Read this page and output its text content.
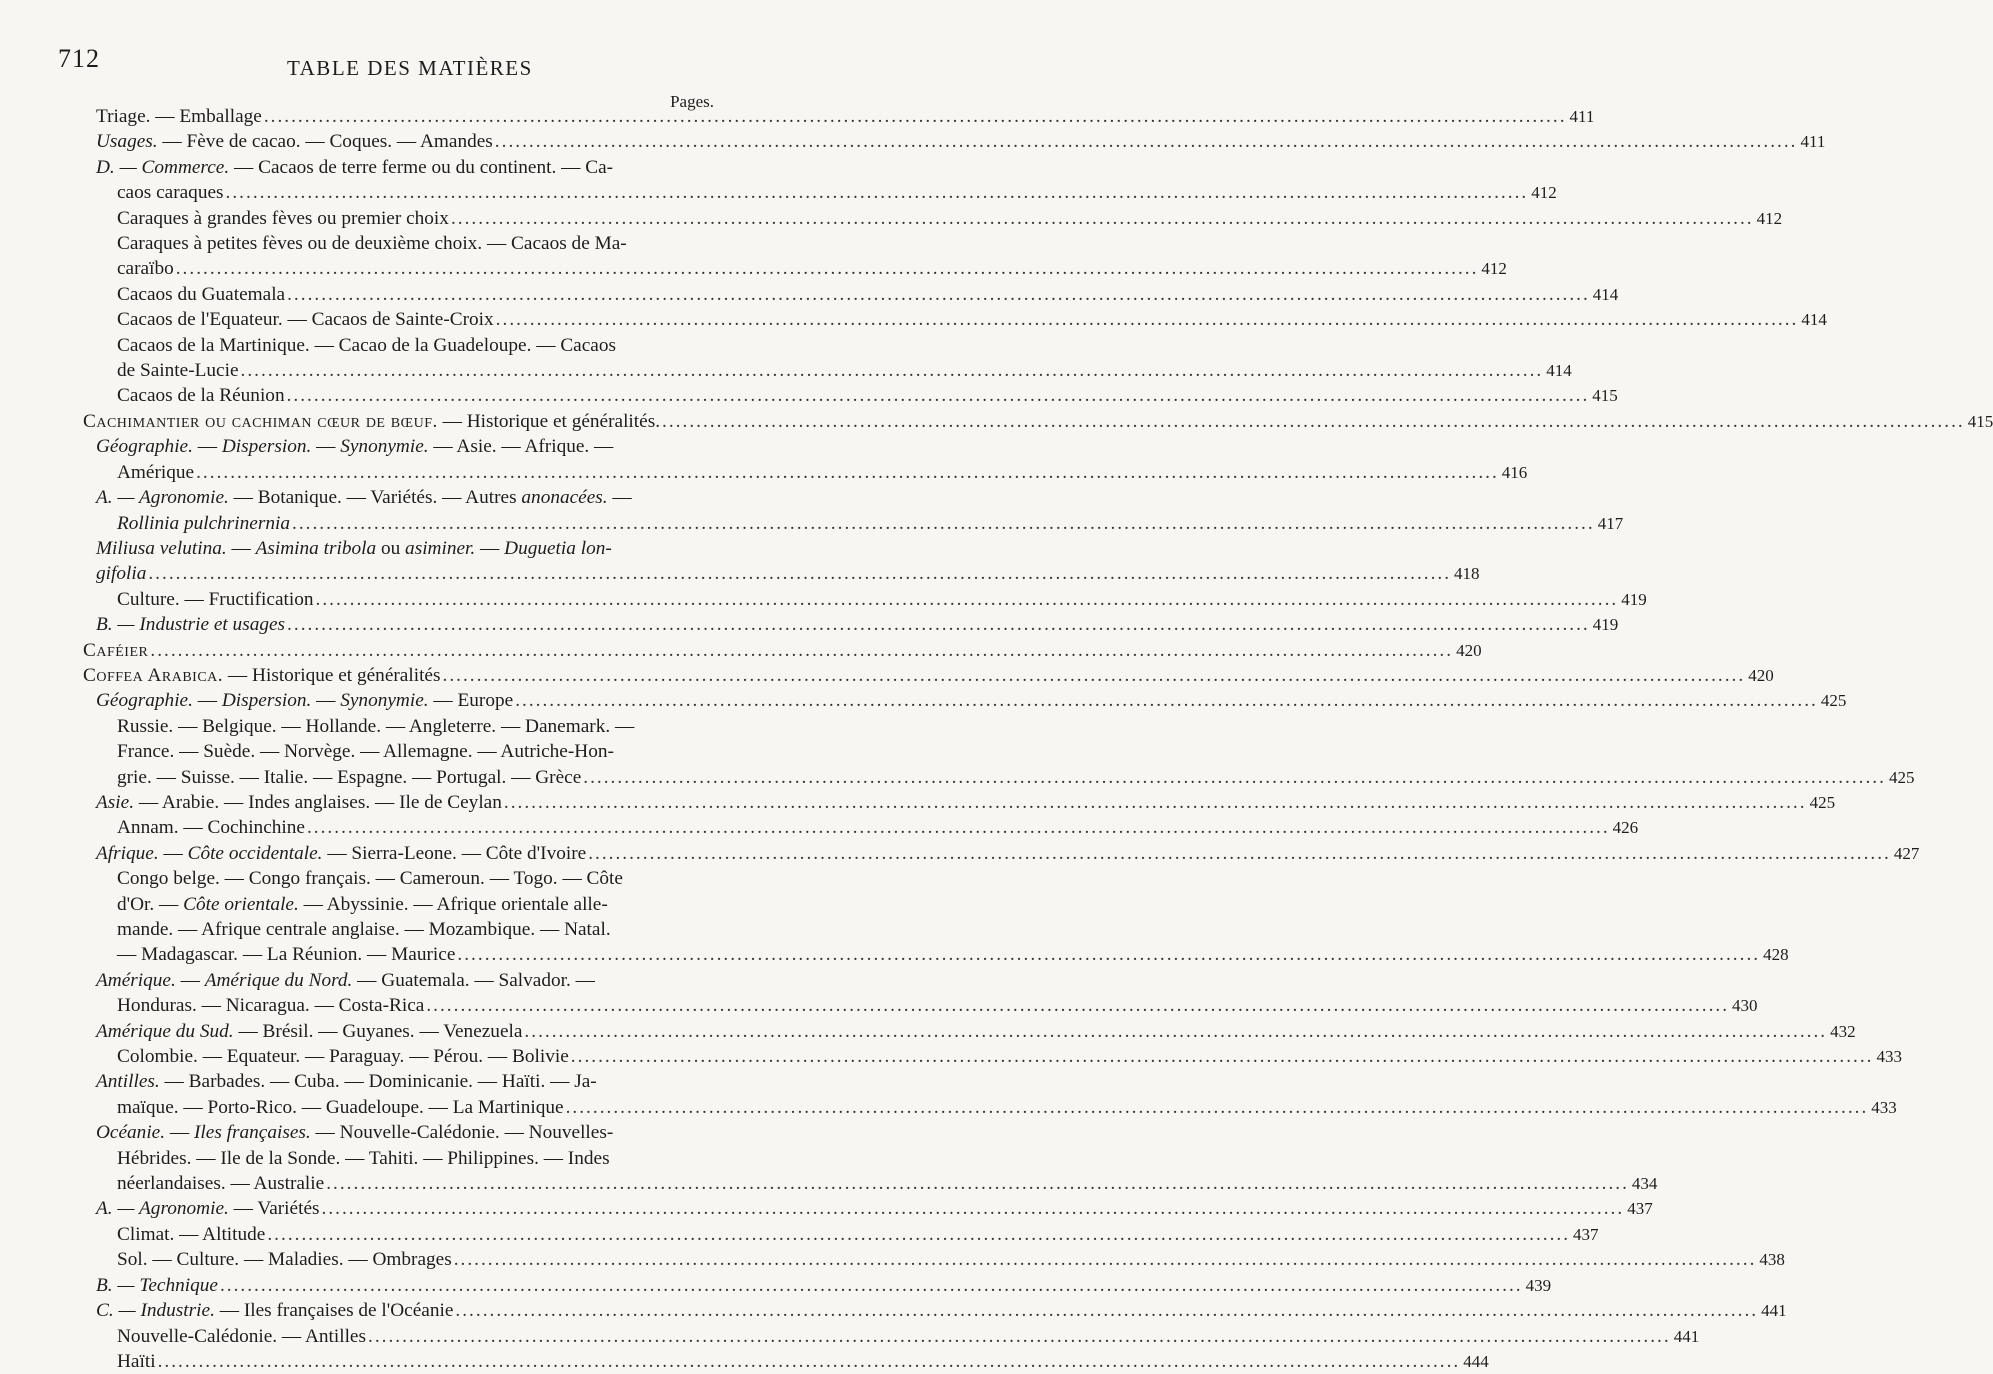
712	TABLE DES MATIÈRES
Pages.
Triage. — Emballage .....	411
Usages. — Fève de cacao. — Coques. — Amandes .....	411
D. — Commerce. — Cacaos de terre ferme ou du continent. — Ca-
caos caraques .....	412
Caraques à grandes fèves ou premier choix .....	412
Caraques à petites fèves ou de deuxième choix. — Cacaos de Ma-
caraïbo .....	412
Cacaos du Guatemala .....	414
Cacaos de l'Equateur. — Cacaos de Sainte-Croix .....	414
Cacaos de la Martinique. — Cacao de la Guadeloupe. — Cacaos
de Sainte-Lucie .....	414
Cacaos de la Réunion .....	415
Cachimantier ou cachiman cœur de bœuf. — Historique et généralités. .....	415
Géographie. — Dispersion. — Synonymie. — Asie. — Afrique. —
Amérique .....	416
A. — Agronomie. — Botanique. — Variétés. — Autres anonacées. —
Rollinia pulchrinernia .....	417
Miliusa velutina. — Asimina tribola ou asiminer. — Duguetia lon-
gifolia .....	418
Culture. — Fructification .....	419
B. — Industrie et usages .....	419
Caféier .....	420
Coffea Arabica. — Historique et généralités .....	420
Géographie. — Dispersion. — Synonymie. — Europe .....	425
Russie. — Belgique. — Hollande. — Angleterre. — Danemark. —
France. — Suède. — Norvège. — Allemagne. — Autriche-Hon-
grie. — Suisse. — Italie. — Espagne. — Portugal. — Grèce .....	425
Asie. — Arabie. — Indes anglaises. — Ile de Ceylan .....	425
Annam. — Cochinchine .....	426
Afrique. — Côte occidentale. — Sierra-Leone. — Côte d'Ivoire .....	427
Congo belge. — Congo français. — Cameroun. — Togo. — Côte
d'Or. — Côte orientale. — Abyssinie. — Afrique orientale alle-
mande. — Afrique centrale anglaise. — Mozambique. — Natal.
— Madagascar. — La Réunion. — Maurice .....	428
Amérique. — Amérique du Nord. — Guatemala. — Salvador. —
Honduras. — Nicaragua. — Costa-Rica .....	430
Amérique du Sud. — Brésil. — Guyanes. — Venezuela .....	432
Colombie. — Equateur. — Paraguay. — Pérou. — Bolivie .....	433
Antilles. — Barbades. — Cuba. — Dominicanie. — Haïti. — Ja-
maïque. — Porto-Rico. — Guadeloupe. — La Martinique .....	433
Océanie. — Iles françaises. — Nouvelle-Calédonie. — Nouvelles-
Hébrides. — Ile de la Sonde. — Tahiti. — Philippines. — Indes
néerlandaises. — Australie .....	434
A. — Agronomie. — Variétés .....	437
Climat. — Altitude .....	437
Sol. — Culture. — Maladies. — Ombrages .....	438
B. — Technique .....	439
C. — Industrie. — Iles françaises de l'Océanie .....	441
Nouvelle-Calédonie. — Antilles .....	441
Haïti .....	444
